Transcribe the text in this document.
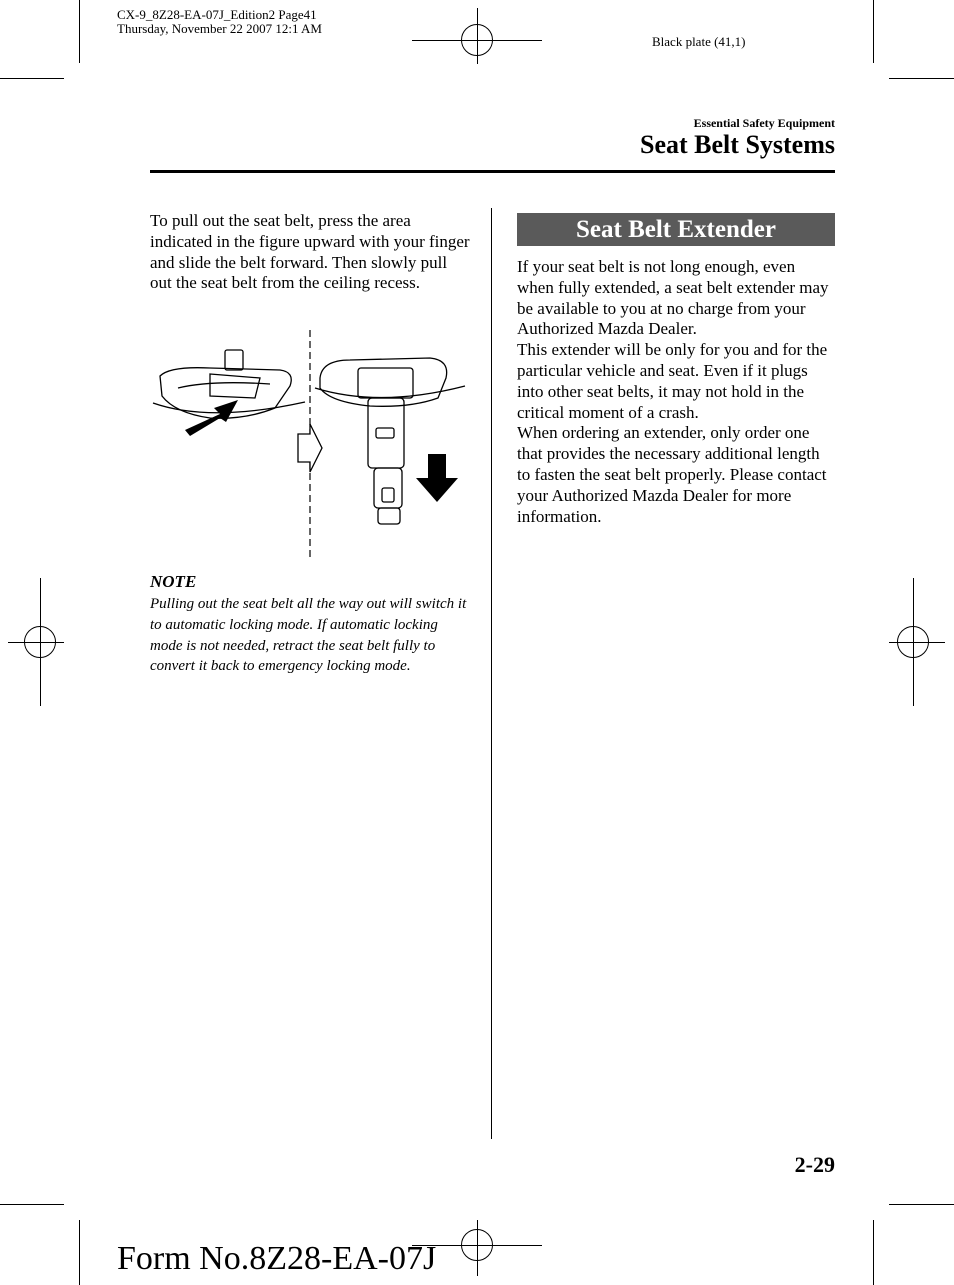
CX-9_8Z28-EA-07J_Edition2 Page41
Thursday, November 22 2007 12:1 AM
Black plate (41,1)
Essential Safety Equipment
Seat Belt Systems
To pull out the seat belt, press the area indicated in the figure upward with your finger and slide the belt forward. Then slowly pull out the seat belt from the ceiling recess.
NOTE
Pulling out the seat belt all the way out will switch it to automatic locking mode. If automatic locking mode is not needed, retract the seat belt fully to convert it back to emergency locking mode.
Seat Belt Extender
If your seat belt is not long enough, even when fully extended, a seat belt extender may be available to you at no charge from your Authorized Mazda Dealer.
This extender will be only for you and for the particular vehicle and seat. Even if it plugs into other seat belts, it may not hold in the critical moment of a crash.
When ordering an extender, only order one that provides the necessary additional length to fasten the seat belt properly. Please contact your Authorized Mazda Dealer for more information.
2-29
Form No.8Z28-EA-07J
